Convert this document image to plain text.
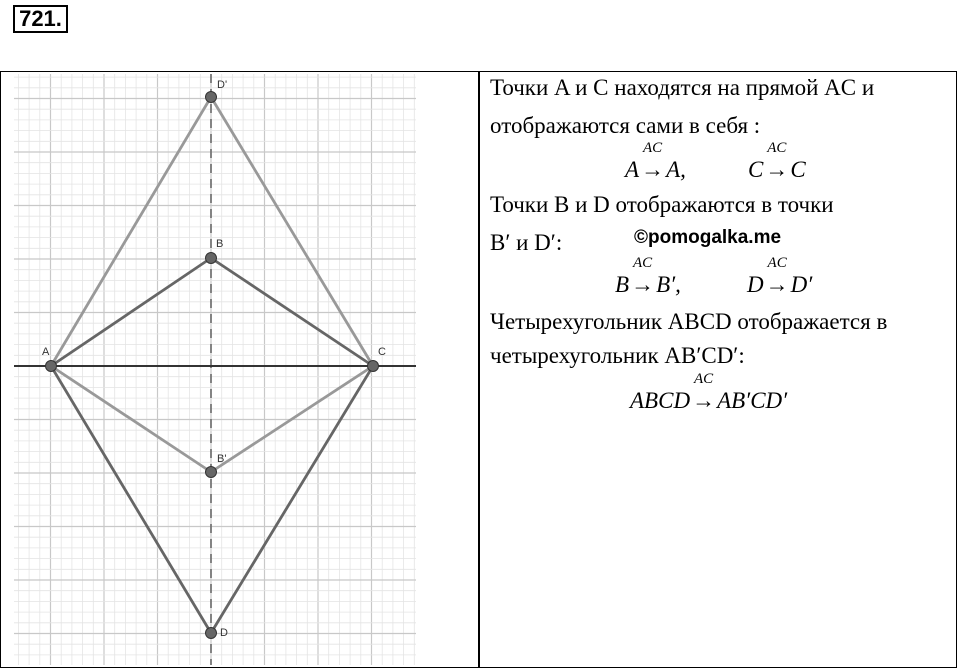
721.
A	C
B
D
B'
D'	Точки A и C находятся на прямой AC и
отображаются сами в себя :
A
AC
→A,	C
AC
→C
Точки B и D отображаются в точки
B′ и D′:	©pomogalka.me
B
AC
→B′,	D
AC
→D′
Четырехугольник ABCD отображается в
четырехугольник AB′CD′:
ABCD
AC
→AB′CD′
